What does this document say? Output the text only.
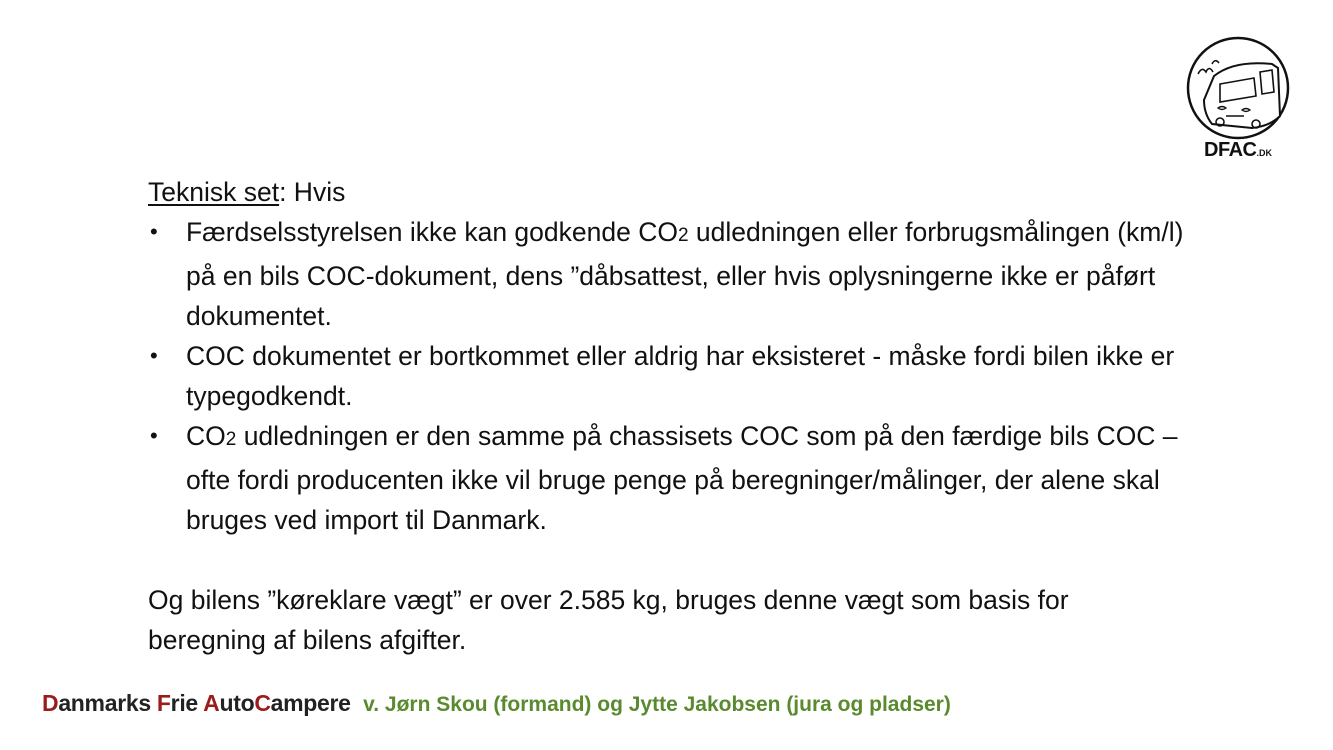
DFAC.DK
Teknisk set: Hvis
• Færdselsstyrelsen ikke kan godkende CO2 udledningen eller forbrugsmålingen (km/l) på en bils COC-dokument, dens ”dåbsattest, eller hvis oplysningerne ikke er påført dokumentet.
• COC dokumentet er bortkommet eller aldrig har eksisteret - måske fordi bilen ikke er typegodkendt.
• CO2 udledningen er den samme på chassisets COC som på den færdige bils COC – ofte fordi producenten ikke vil bruge penge på beregninger/målinger, der alene skal bruges ved import til Danmark.
Og bilens ”køreklare vægt” er over 2.585 kg, bruges denne vægt som basis for beregning af bilens afgifter.
Danmarks Frie AutoCampere v. Jørn Skou (formand) og Jytte Jakobsen (jura og pladser)
